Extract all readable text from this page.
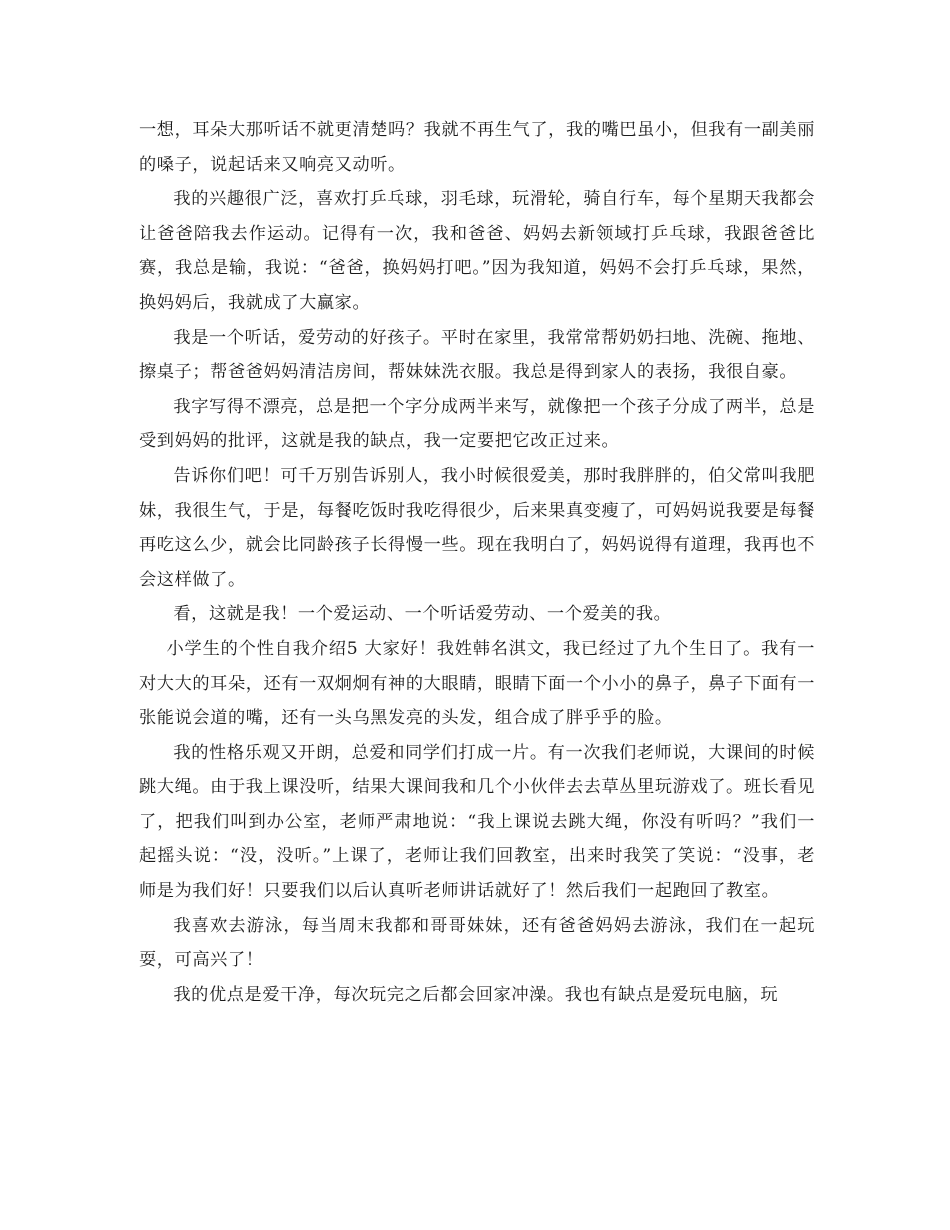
一想，耳朵大那听话不就更清楚吗？我就不再生气了，我的嘴巴虽小，但我有一副美丽的嗓子，说起话来又响亮又动听。

我的兴趣很广泛，喜欢打乒乓球，羽毛球，玩滑轮，骑自行车，每个星期天我都会让爸爸陪我去作运动。记得有一次，我和爸爸、妈妈去新领域打乒乓球，我跟爸爸比赛，我总是输，我说：“爸爸，换妈妈打吧。”因为我知道，妈妈不会打乒乓球，果然，换妈妈后，我就成了大赢家。

我是一个听话，爱劳动的好孩子。平时在家里，我常常帮奶奶扫地、洗碗、拖地、擦桌子；帮爸爸妈妈清洁房间，帮妹妹洗衣服。我总是得到家人的表扬，我很自豪。

我字写得不漂亮，总是把一个字分成两半来写，就像把一个孩子分成了两半，总是受到妈妈的批评，这就是我的缺点，我一定要把它改正过来。

告诉你们吧！可千万别告诉别人，我小时候很爱美，那时我胖胖的，伯父常叫我肥妹，我很生气，于是，每餐吃饭时我吃得很少，后来果真变瘦了，可妈妈说我要是每餐再吃这么少，就会比同龄孩子长得慢一些。现在我明白了，妈妈说得有道理，我再也不会这样做了。

看，这就是我！一个爱运动、一个听话爱劳动、一个爱美的我。

小学生的个性自我介绍5 大家好！我姓韩名淇文，我已经过了九个生日了。我有一对大大的耳朵，还有一双炯炯有神的大眼睛，眼睛下面一个小小的鼻子，鼻子下面有一张能说会道的嘴，还有一头乌黑发亮的头发，组合成了胖乎乎的脸。

我的性格乐观又开朗，总爱和同学们打成一片。有一次我们老师说，大课间的时候跳大绳。由于我上课没听，结果大课间我和几个小伙伴去去草丛里玩游戏了。班长看见了，把我们叫到办公室，老师严肃地说：“我上课说去跳大绳，你没有听吗？”我们一起摇头说：“没，没听。”上课了，老师让我们回教室，出来时我笑了笑说：“没事，老师是为我们好！只要我们以后认真听老师讲话就好了！然后我们一起跑回了教室。

我喜欢去游泳，每当周末我都和哥哥妹妹，还有爸爸妈妈去游泳，我们在一起玩耍，可高兴了！

我的优点是爱干净，每次玩完之后都会回家冲澡。我也有缺点是爱玩电脑，玩
